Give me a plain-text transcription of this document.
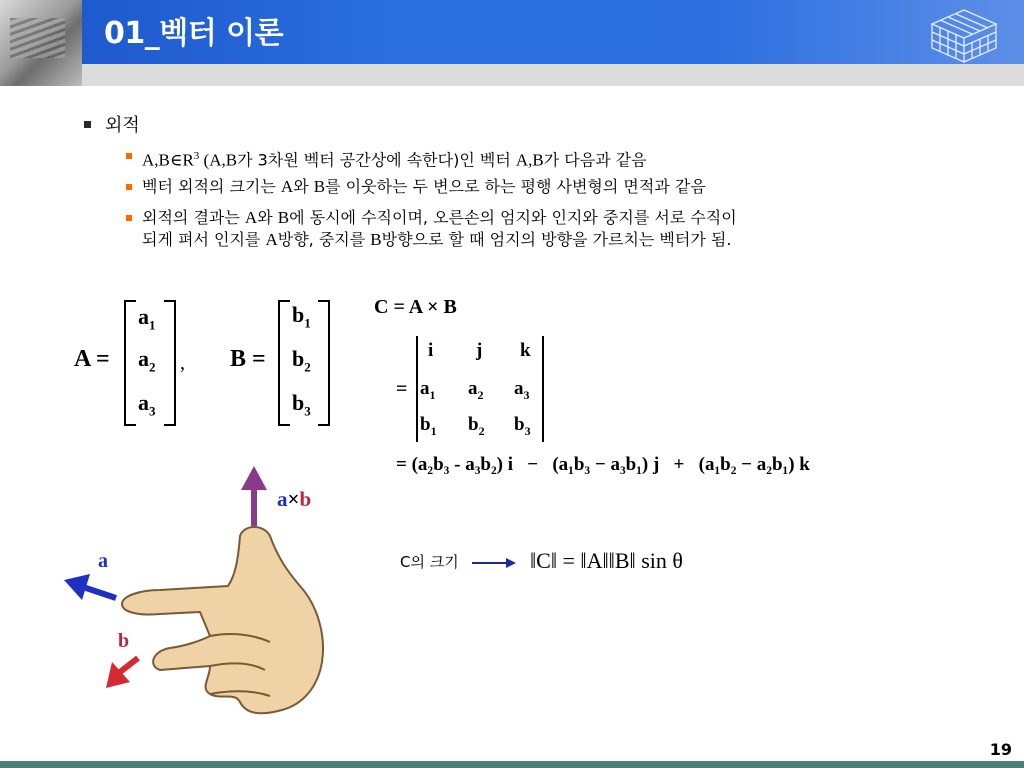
01_벡터 이론
외적
$A,B\in R^3$ (A,B가 3차원 벡터 공간상에 속한다)인 벡터 A,B가 다음과 같음
벡터 외적의 크기는 A와 B를 이웃하는 두 변으로 하는 평행 사변형의 면적과 같음
외적의 결과는 A와 B에 동시에 수직이며, 오른손의 엄지와 인지와 중지를 서로 수직이
되게 펴서 인지를 A방향, 중지를 B방향으로 할 때 엄지의 방향을 가르치는 벡터가 됨.
A =
$a_1$
$a_2$
$a_3$
, B =
$b_1$
$b_2$
$b_3$
C = A × B
=
i j k
$a_1$ $a_2$ $a_3$
$b_1$ $b_2$ $b_3$
= (a₂b₃ - a₃b₂) i   −   (a₁b₃ − a₃b₁) j   +   (a₁b₂ − a₂b₁) k
C의 크기	‖C‖ = ‖A‖‖B‖ sin θ
a×b
a
b
19
